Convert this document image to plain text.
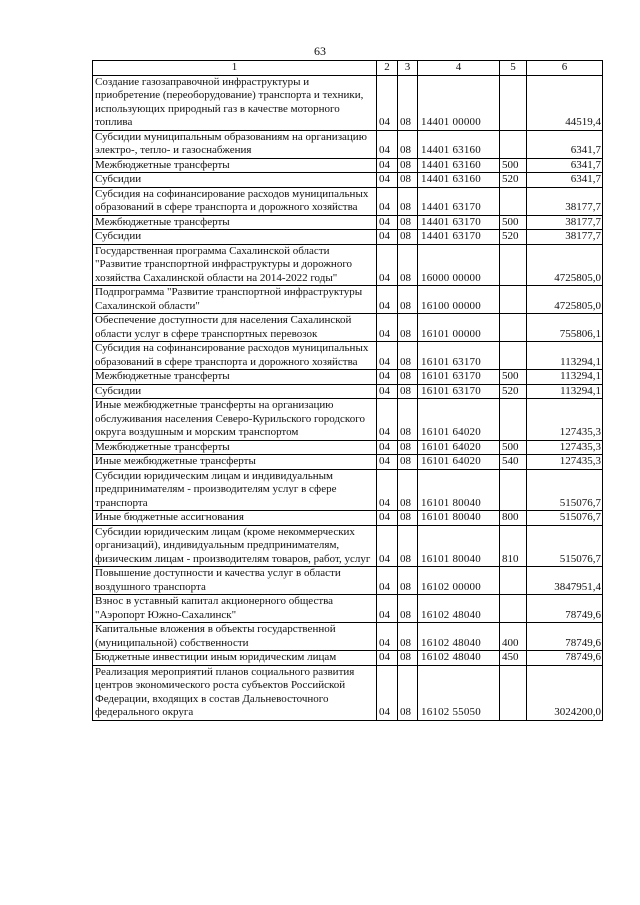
63
1	2	3	4	5	6
Создание газозаправочной инфраструктуры и приобретение (переоборудование) транспорта и техники, использующих природный газ в качестве моторного топлива	04	08	14401 00000		44519,4
Субсидии муниципальным образованиям на организацию электро-, тепло- и газоснабжения	04	08	14401 63160		6341,7
Межбюджетные трансферты	04	08	14401 63160	500	6341,7
Субсидии	04	08	14401 63160	520	6341,7
Субсидия на софинансирование расходов муниципальных образований в сфере транспорта и дорожного хозяйства	04	08	14401 63170		38177,7
Межбюджетные трансферты	04	08	14401 63170	500	38177,7
Субсидии	04	08	14401 63170	520	38177,7
Государственная программа Сахалинской области "Развитие транспортной инфраструктуры и дорожного хозяйства Сахалинской области на 2014-2022 годы"	04	08	16000 00000		4725805,0
Подпрограмма "Развитие транспортной инфраструктуры Сахалинской области"	04	08	16100 00000		4725805,0
Обеспечение доступности для населения Сахалинской области услуг в сфере транспортных перевозок	04	08	16101 00000		755806,1
Субсидия на софинансирование расходов муниципальных образований в сфере транспорта и дорожного хозяйства	04	08	16101 63170		113294,1
Межбюджетные трансферты	04	08	16101 63170	500	113294,1
Субсидии	04	08	16101 63170	520	113294,1
Иные межбюджетные трансферты на организацию обслуживания населения Северо-Курильского городского округа воздушным и морским транспортом	04	08	16101 64020		127435,3
Межбюджетные трансферты	04	08	16101 64020	500	127435,3
Иные межбюджетные трансферты	04	08	16101 64020	540	127435,3
Субсидии юридическим лицам и индивидуальным предпринимателям - производителям услуг в сфере транспорта	04	08	16101 80040		515076,7
Иные бюджетные ассигнования	04	08	16101 80040	800	515076,7
Субсидии юридическим лицам (кроме некоммерческих организаций), индивидуальным предпринимателям, физическим лицам - производителям товаров, работ, услуг	04	08	16101 80040	810	515076,7
Повышение доступности и качества услуг в области воздушного транспорта	04	08	16102 00000		3847951,4
Взнос в уставный капитал акционерного общества "Аэропорт Южно-Сахалинск"	04	08	16102 48040		78749,6
Капитальные вложения в объекты государственной (муниципальной) собственности	04	08	16102 48040	400	78749,6
Бюджетные инвестиции иным юридическим лицам	04	08	16102 48040	450	78749,6
Реализация мероприятий планов социального развития центров экономического роста субъектов Российской Федерации, входящих в состав Дальневосточного федерального округа	04	08	16102 55050		3024200,0
